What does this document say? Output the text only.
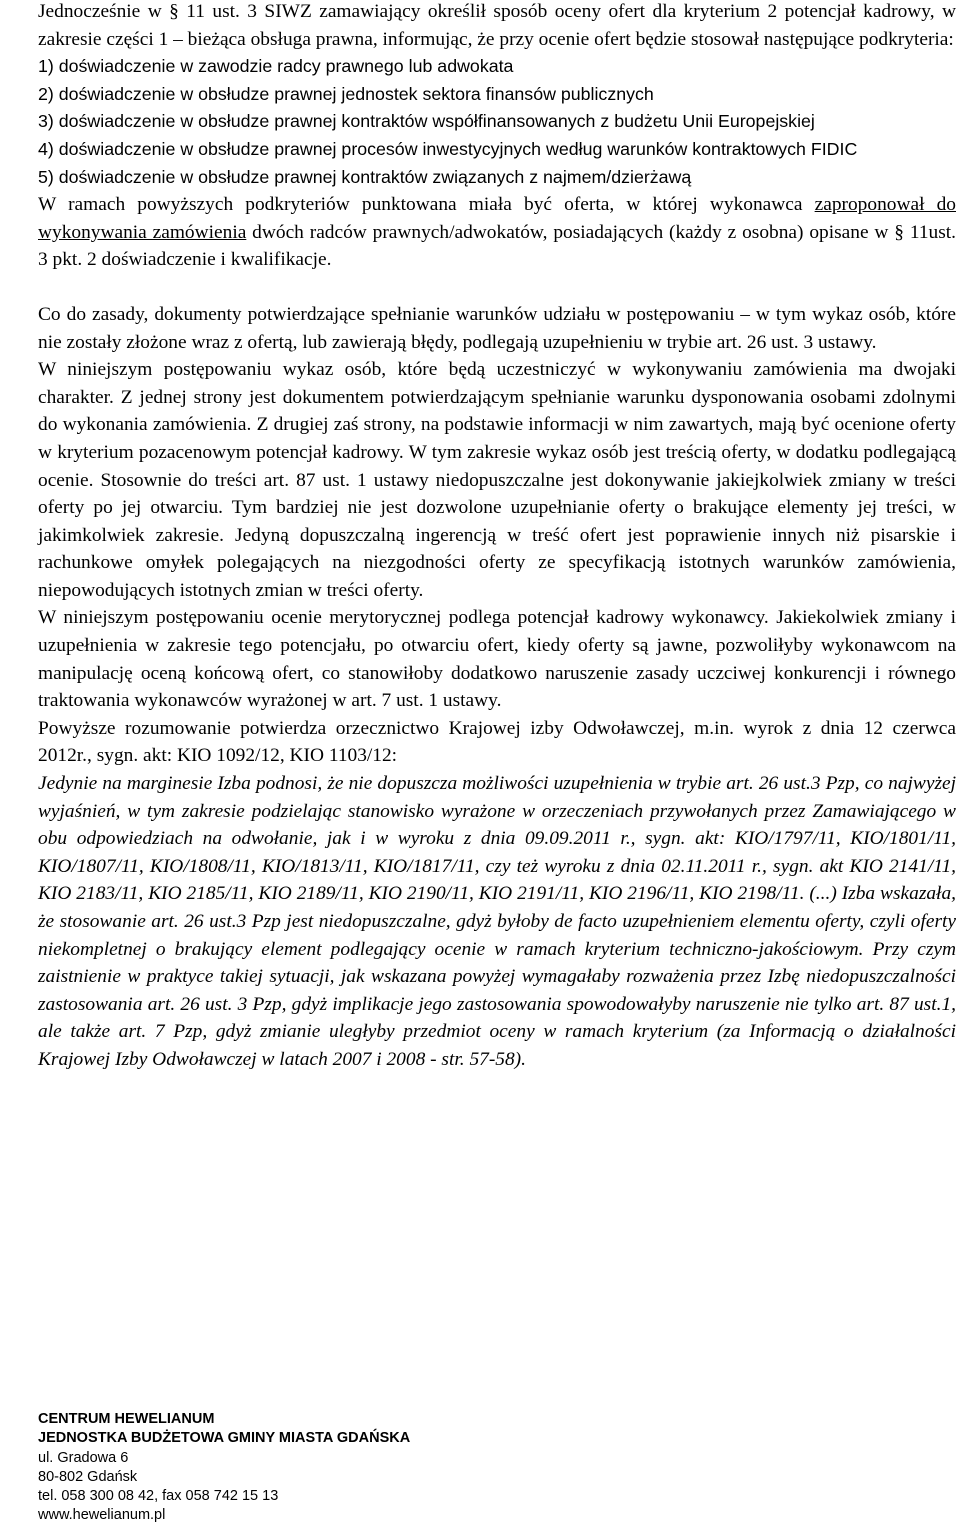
Jednocześnie w § 11 ust. 3 SIWZ zamawiający określił sposób oceny ofert dla kryterium 2 potencjał kadrowy, w zakresie części 1 – bieżąca obsługa prawna, informując, że przy ocenie ofert będzie stosował następujące podkryteria:

1) doświadczenie w zawodzie radcy prawnego lub adwokata

2) doświadczenie w obsłudze prawnej jednostek sektora finansów publicznych

3) doświadczenie w obsłudze prawnej kontraktów współfinansowanych z budżetu Unii Europejskiej

4) doświadczenie w obsłudze prawnej procesów inwestycyjnych według warunków kontraktowych FIDIC

5) doświadczenie w obsłudze prawnej kontraktów związanych z najmem/dzierżawą

W ramach powyższych podkryteriów punktowana miała być oferta, w której wykonawca zaproponował do wykonywania zamówienia dwóch radców prawnych/adwokatów, posiadających (każdy z osobna) opisane w § 11ust. 3 pkt. 2 doświadczenie i kwalifikacje.

Co do zasady, dokumenty potwierdzające spełnianie warunków udziału w postępowaniu – w tym wykaz osób, które nie zostały złożone wraz z ofertą, lub zawierają błędy, podlegają uzupełnieniu w trybie art. 26 ust. 3 ustawy.

W niniejszym postępowaniu wykaz osób, które będą uczestniczyć w wykonywaniu zamówienia ma dwojaki charakter. Z jednej strony jest dokumentem potwierdzającym spełnianie warunku dysponowania osobami zdolnymi do wykonania zamówienia. Z drugiej zaś strony, na podstawie informacji w nim zawartych, mają być ocenione oferty w kryterium pozacenowym potencjał kadrowy. W tym zakresie wykaz osób jest treścią oferty, w dodatku podlegającą ocenie. Stosownie do treści art. 87 ust. 1 ustawy niedopuszczalne jest dokonywanie jakiejkolwiek zmiany w treści oferty po jej otwarciu. Tym bardziej nie jest dozwolone uzupełnianie oferty o brakujące elementy jej treści, w jakimkolwiek zakresie. Jedyną dopuszczalną ingerencją w treść ofert jest poprawienie innych niż pisarskie i rachunkowe omyłek polegających na niezgodności oferty ze specyfikacją istotnych warunków zamówienia, niepowodujących istotnych zmian w treści oferty.

W niniejszym postępowaniu ocenie merytorycznej podlega potencjał kadrowy wykonawcy. Jakiekolwiek zmiany i uzupełnienia w zakresie tego potencjału, po otwarciu ofert, kiedy oferty są jawne, pozwoliłyby wykonawcom na manipulację oceną końcową ofert, co stanowiłoby dodatkowo naruszenie zasady uczciwej konkurencji i równego traktowania wykonawców wyrażonej w art. 7 ust. 1 ustawy.

Powyższe rozumowanie potwierdza orzecznictwo Krajowej izby Odwoławczej, m.in. wyrok z dnia 12 czerwca 2012r., sygn. akt: KIO 1092/12, KIO 1103/12:

Jedynie na marginesie Izba podnosi, że nie dopuszcza możliwości uzupełnienia w trybie art. 26 ust.3 Pzp, co najwyżej wyjaśnień, w tym zakresie podzielając stanowisko wyrażone w orzeczeniach przywołanych przez Zamawiającego w obu odpowiedziach na odwołanie, jak i w wyroku z dnia 09.09.2011 r., sygn. akt: KIO/1797/11, KIO/1801/11, KIO/1807/11, KIO/1808/11, KIO/1813/11, KIO/1817/11, czy też wyroku z dnia 02.11.2011 r., sygn. akt KIO 2141/11, KIO 2183/11, KIO 2185/11, KIO 2189/11, KIO 2190/11, KIO 2191/11, KIO 2196/11, KIO 2198/11. (...) Izba wskazała, że stosowanie art. 26 ust.3 Pzp jest niedopuszczalne, gdyż byłoby de facto uzupełnieniem elementu oferty, czyli oferty niekompletnej o brakujący element podlegający ocenie w ramach kryterium techniczno-jakościowym. Przy czym zaistnienie w praktyce takiej sytuacji, jak wskazana powyżej wymagałaby rozważenia przez Izbę niedopuszczalności zastosowania art. 26 ust. 3 Pzp, gdyż implikacje jego zastosowania spowodowałyby naruszenie nie tylko art. 87 ust.1, ale także art. 7 Pzp, gdyż zmianie uległyby przedmiot oceny w ramach kryterium (za Informacją o działalności Krajowej Izby Odwoławczej w latach 2007 i 2008 - str. 57-58).

CENTRUM HEWELIANUM
JEDNOSTKA BUDŻETOWA GMINY MIASTA GDAŃSKA
ul. Gradowa 6
80-802 Gdańsk
tel. 058 300 08 42, fax 058 742 15 13
www.hewelianum.pl
